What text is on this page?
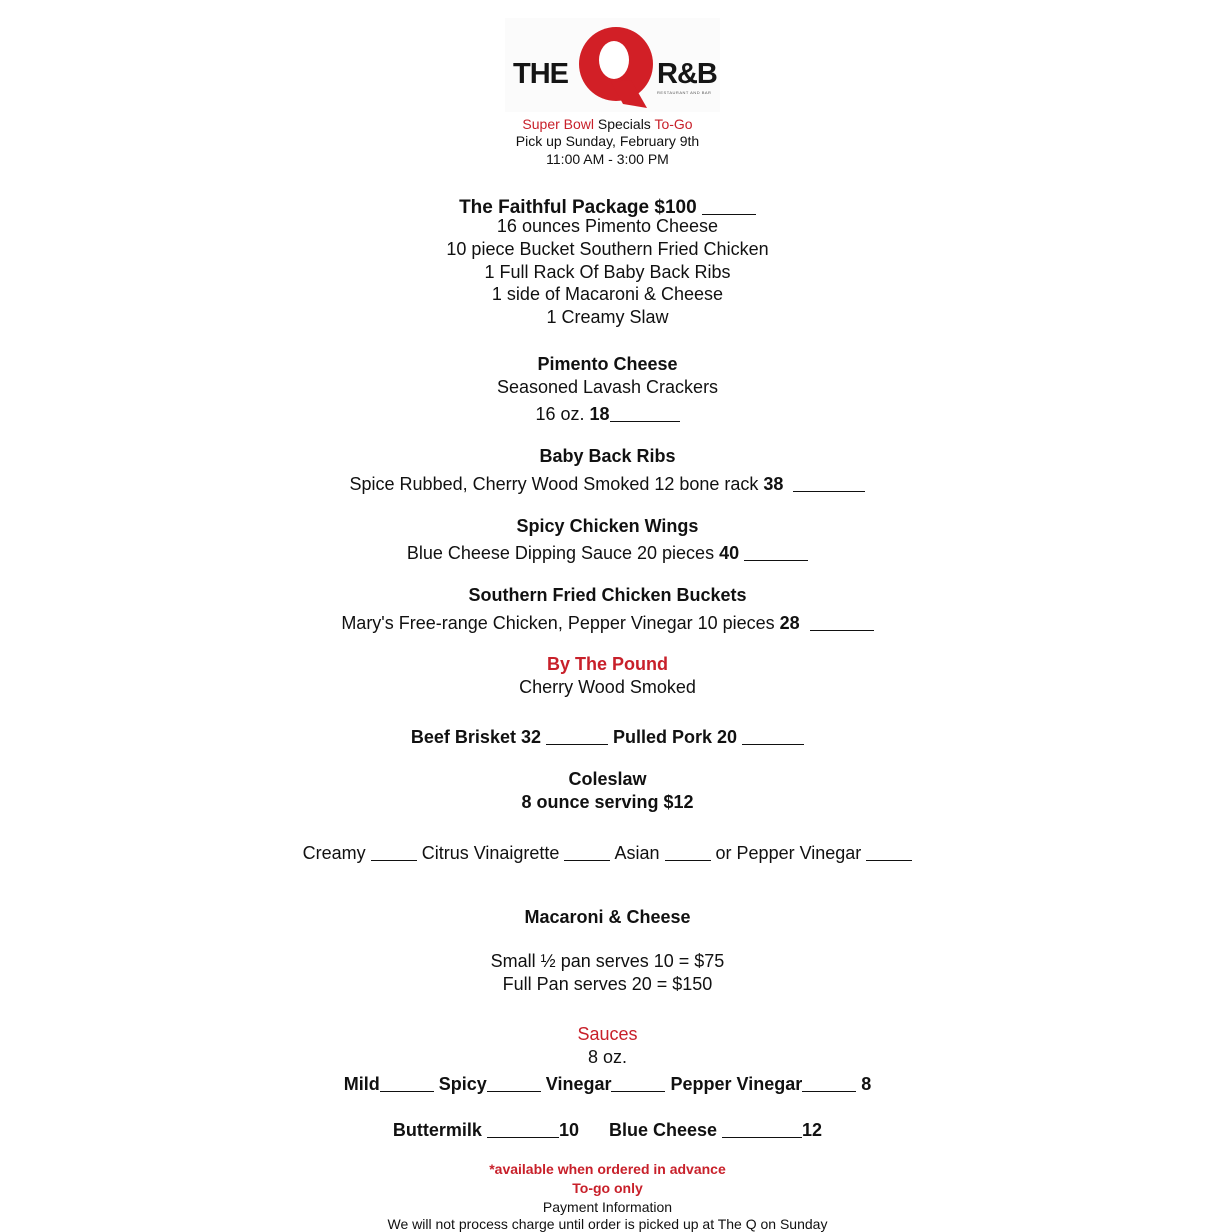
THE	R&B
RESTAURANT AND BAR
Super Bowl Specials To-Go
Pick up Sunday, February 9th
11:00 AM - 3:00 PM
The Faithful Package $100
16 ounces Pimento Cheese
10 piece Bucket Southern Fried Chicken
1 Full Rack Of Baby Back Ribs
1 side of Macaroni & Cheese
1 Creamy Slaw
Pimento Cheese
Seasoned Lavash Crackers
16 oz. 18
Baby Back Ribs
Spice Rubbed, Cherry Wood Smoked 12 bone rack 38
Spicy Chicken Wings
Blue Cheese Dipping Sauce 20 pieces 40
Southern Fried Chicken Buckets
Mary's Free-range Chicken, Pepper Vinegar 10 pieces 28
By The Pound
Cherry Wood Smoked
Beef Brisket 32	Pulled Pork 20
Coleslaw
8 ounce serving $12
Creamy	Citrus Vinaigrette	Asian	or Pepper Vinegar
Macaroni & Cheese
Small ½ pan serves 10 = $75
Full Pan serves 20 = $150
Sauces
8 oz.
Mild	Spicy	Vinegar	Pepper Vinegar	8
Buttermilk	10 Blue Cheese	12
*available when ordered in advance
To-go only
Payment Information
We will not process charge until order is picked up at The Q on Sunday
